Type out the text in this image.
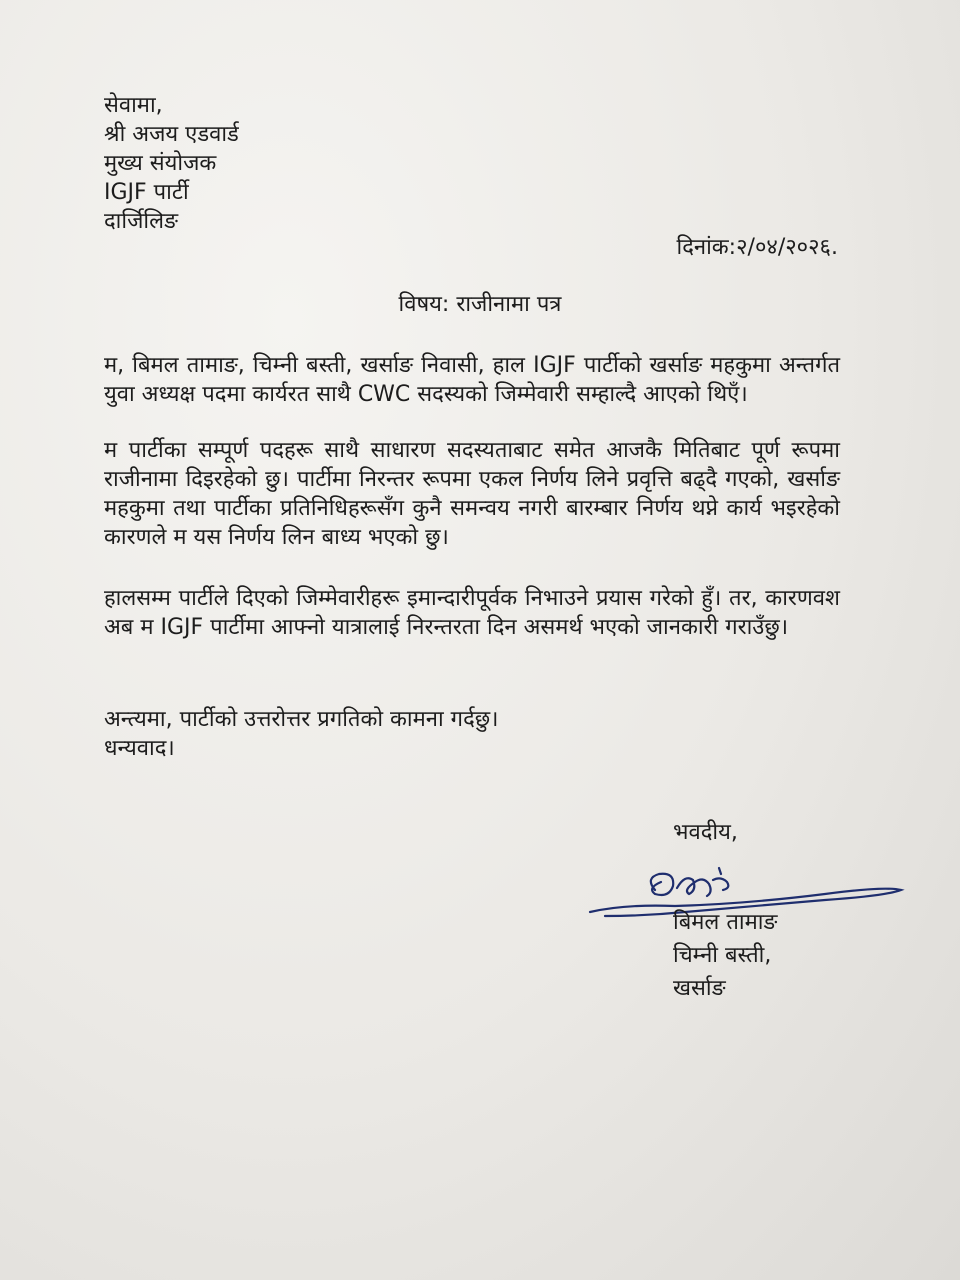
सेवामा,
श्री अजय एडवार्ड
मुख्य संयोजक
IGJF पार्टी
दार्जिलिङ
दिनांक:२/०४/२०२६.
विषय: राजीनामा पत्र
म, बिमल तामाङ, चिम्नी बस्ती, खर्साङ निवासी, हाल IGJF पार्टीको खर्साङ महकुमा अन्तर्गत युवा अध्यक्ष पदमा कार्यरत साथै CWC सदस्यको जिम्मेवारी सम्हाल्दै आएको थिएँ।
म पार्टीका सम्पूर्ण पदहरू साथै साधारण सदस्यताबाट समेत आजकै मितिबाट पूर्ण रूपमा राजीनामा दिइरहेको छु। पार्टीमा निरन्तर रूपमा एकल निर्णय लिने प्रवृत्ति बढ्दै गएको, खर्साङ महकुमा तथा पार्टीका प्रतिनिधिहरूसँग कुनै समन्वय नगरी बारम्बार निर्णय थप्ने कार्य भइरहेको कारणले म यस निर्णय लिन बाध्य भएको छु।
हालसम्म पार्टीले दिएको जिम्मेवारीहरू इमान्दारीपूर्वक निभाउने प्रयास गरेको हुँ। तर, कारणवश अब म IGJF पार्टीमा आफ्नो यात्रालाई निरन्तरता दिन असमर्थ भएको जानकारी गराउँछु।
अन्त्यमा, पार्टीको उत्तरोत्तर प्रगतिको कामना गर्दछु।
धन्यवाद।
भवदीय,
बिमल तामाङ
चिम्नी बस्ती,
खर्साङ
